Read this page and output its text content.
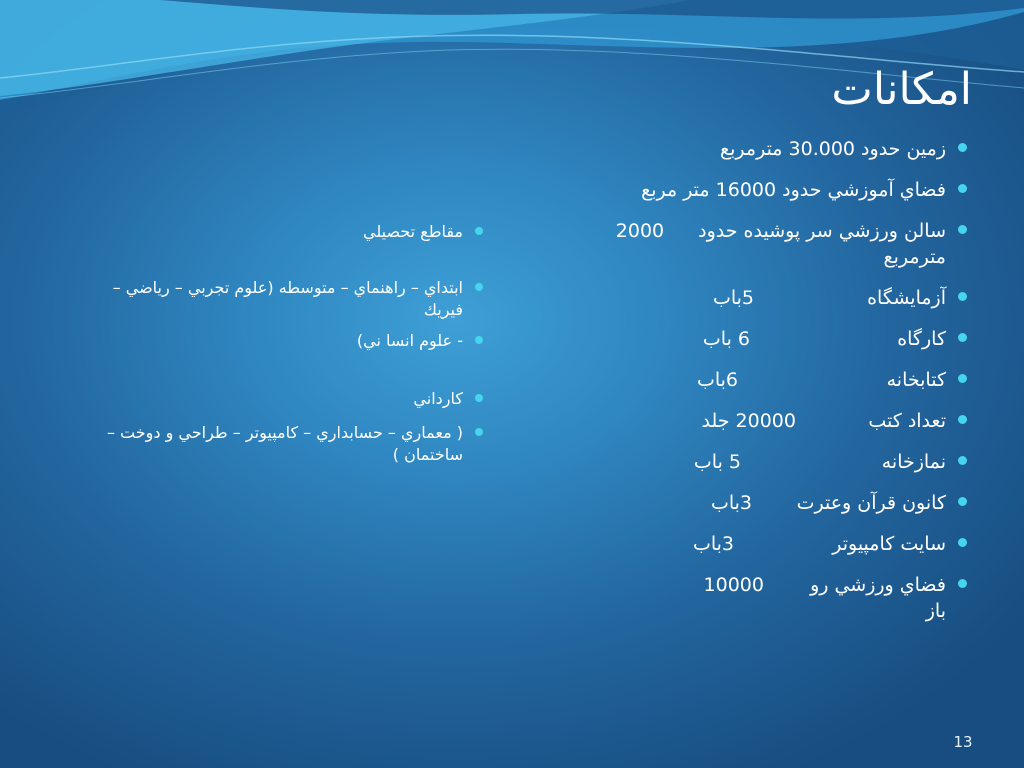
امکانات
زمين حدود 30.000 مترمربع
فضاي آموزشي حدود 16000 متر مربع
سالن ورزشي سر پوشيده حدود
2000
مترمربع
آزمايشگاه
5باب
كارگاه
6 باب
كتابخانه
6باب
تعداد كتب
20000 جلد
نمازخانه
5 باب
كانون قرآن وعترت
3باب
سايت كامپيوتر
3باب
فضاي ورزشي رو باز
10000
مقاطع تحصيلي
ابتداي – راهنماي – متوسطه (علوم تجربي – رياضي – فيريك
- علوم انسا ني)
كارداني
( معماري – حسابداري – كامپيوتر – طراحي و دوخت – ساختمان )
13
